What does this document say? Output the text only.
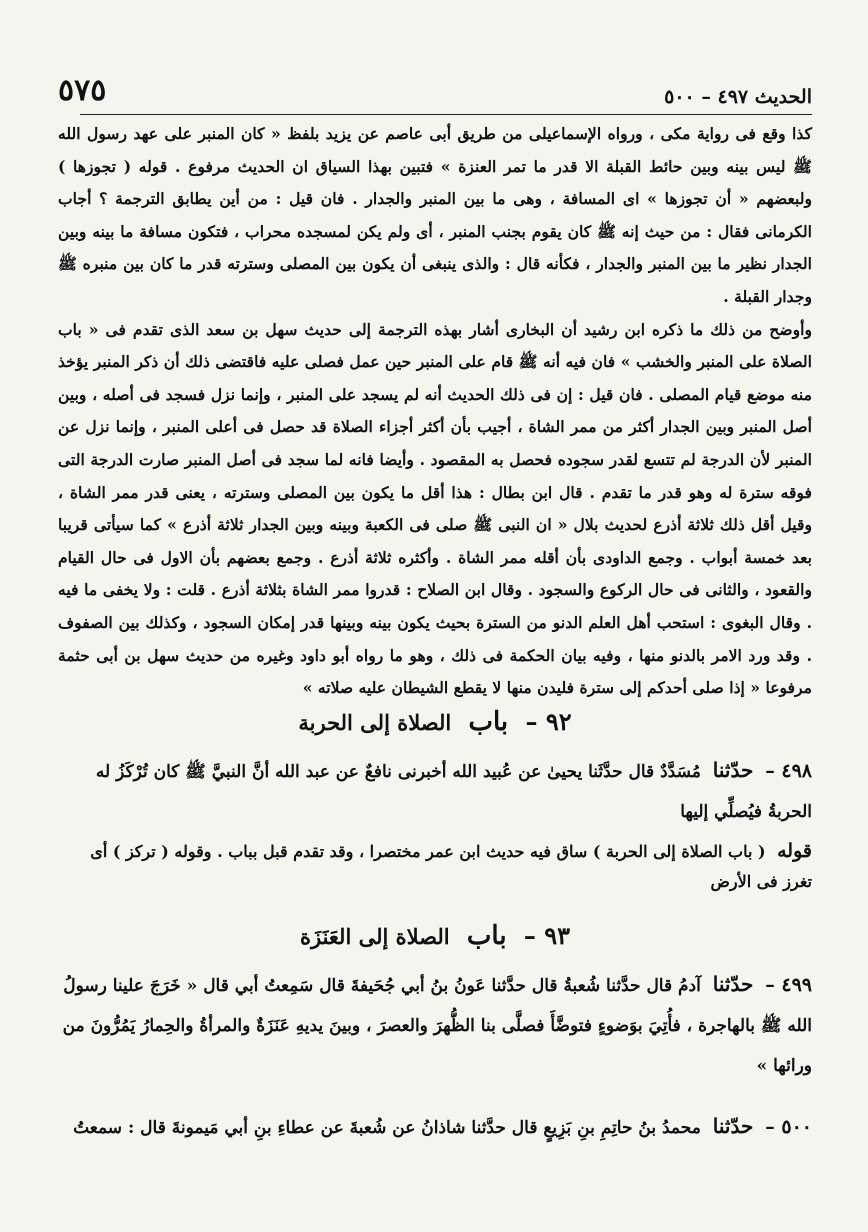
الحديث ٤٩٧ – ٥٠٠
٥٧٥

كذا وقع فى رواية مكى ، ورواه الإسماعيلى من طريق أبى عاصم عن يزيد بلفظ « كان المنبر على عهد رسول الله ﷺ ليس بينه وبين حائط القبلة الا قدر ما تمر العنزة » فتبين بهذا السياق ان الحديث مرفوع . قوله ( تجوزها ) ولبعضهم « أن تجوزها » اى المسافة ، وهى ما بين المنبر والجدار . فان قيل : من أين يطابق الترجمة ؟ أجاب الكرمانى فقال : من حيث إنه ﷺ كان يقوم بجنب المنبر ، أى ولم يكن لمسجده محراب ، فتكون مسافة ما بينه وبين الجدار نظير ما بين المنبر والجدار ، فكأنه قال : والذى ينبغى أن يكون بين المصلى وسترته قدر ما كان بين منبره ﷺ وجدار القبلة .

وأوضح من ذلك ما ذكره ابن رشيد أن البخارى أشار بهذه الترجمة إلى حديث سهل بن سعد الذى تقدم فى « باب الصلاة على المنبر والخشب » فان فيه أنه ﷺ قام على المنبر حين عمل فصلى عليه فاقتضى ذلك أن ذكر المنبر يؤخذ منه موضع قيام المصلى . فان قيل : إن فى ذلك الحديث أنه لم يسجد على المنبر ، وإنما نزل فسجد فى أصله ، وبين أصل المنبر وبين الجدار أكثر من ممر الشاة ، أجيب بأن أكثر أجزاء الصلاة قد حصل فى أعلى المنبر ، وإنما نزل عن المنبر لأن الدرجة لم تتسع لقدر سجوده فحصل به المقصود . وأيضا فانه لما سجد فى أصل المنبر صارت الدرجة التى فوقه سترة له وهو قدر ما تقدم . قال ابن بطال : هذا أقل ما يكون بين المصلى وسترته ، يعنى قدر ممر الشاة ، وقيل أقل ذلك ثلاثة أذرع لحديث بلال « ان النبى ﷺ صلى فى الكعبة وبينه وبين الجدار ثلاثة أذرع » كما سيأتى قريبا بعد خمسة أبواب . وجمع الداودى بأن أقله ممر الشاة . وأكثره ثلاثة أذرع . وجمع بعضهم بأن الاول فى حال القيام والقعود ، والثانى فى حال الركوع والسجود . وقال ابن الصلاح : قدروا ممر الشاة بثلاثة أذرع . قلت : ولا يخفى ما فيه . وقال البغوى : استحب أهل العلم الدنو من السترة بحيث يكون بينه وبينها قدر إمكان السجود ، وكذلك بين الصفوف . وقد ورد الامر بالدنو منها ، وفيه بيان الحكمة فى ذلك ، وهو ما رواه أبو داود وغيره من حديث سهل بن أبى حثمة مرفوعا « إذا صلى أحدكم إلى سترة فليدن منها لا يقطع الشيطان عليه صلاته »

٩٢ – باب الصلاة إلى الحربة
٤٩٨ – حدّثنا مُسَدَّدٌ قال حدَّثَنا يحيىٰ عن عُبيد الله أخبرنى نافعٌ عن عبد الله أنَّ النبيَّ ﷺ كان تُرْكَزُ له الحربةُ فيُصلِّي إليها
قوله ( باب الصلاة إلى الحربة ) ساق فيه حديث ابن عمر مختصرا ، وقد تقدم قبل بباب . وقوله ( تركز ) أى تغرز فى الأرض
٩٣ – باب الصلاة إلى العَنَزَة
٤٩٩ – حدّثنا آدمُ قال حدَّثنا شُعبةُ قال حدَّثنا عَونُ بنُ أبي جُحَيفةَ قال سَمِعتُ أبي قال « خَرَجَ علينا رسولُ الله ﷺ بالهاجرة ، فأُتِيَ بوَضوءٍ فتوضَّأَ فصلَّى بنا الظُّهرَ والعصرَ ، وبينَ يديهِ عَنَزَةٌ والمرأةُ والحِمارُ يَمُرُّونَ من ورائها »
٥٠٠ – حدّثنا محمدُ بنُ حاتِمِ بنِ بَزِيعٍ قال حدَّثنا شاذانُ عن شُعبةَ عن عطاءِ بنِ أبي مَيمونةَ قال : سمعتُ
